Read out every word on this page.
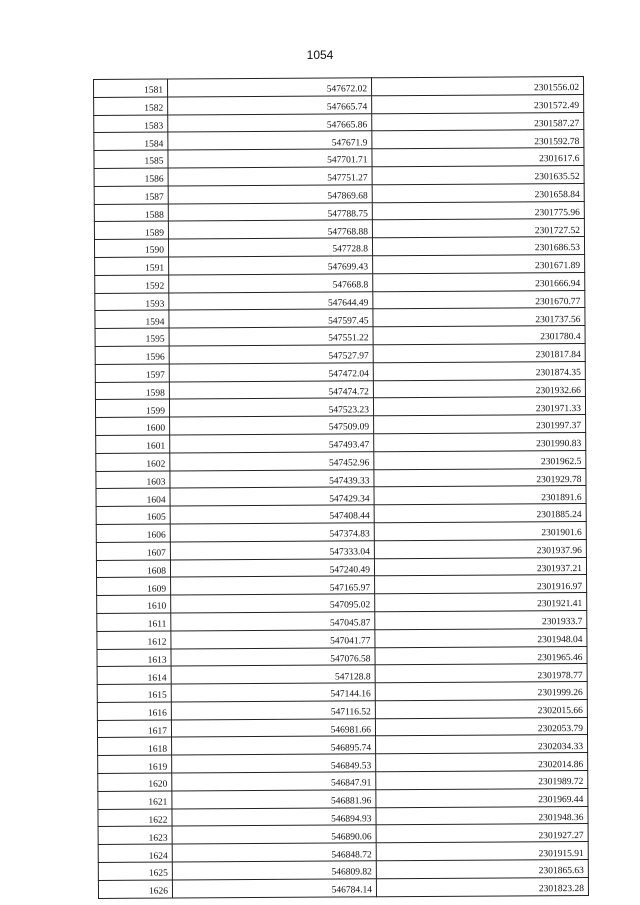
1054
1581	547672.02	2301556.02
1582	547665.74	2301572.49
1583	547665.86	2301587.27
1584	547671.9	2301592.78
1585	547701.71	2301617.6
1586	547751.27	2301635.52
1587	547869.68	2301658.84
1588	547788.75	2301775.96
1589	547768.88	2301727.52
1590	547728.8	2301686.53
1591	547699.43	2301671.89
1592	547668.8	2301666.94
1593	547644.49	2301670.77
1594	547597.45	2301737.56
1595	547551.22	2301780.4
1596	547527.97	2301817.84
1597	547472.04	2301874.35
1598	547474.72	2301932.66
1599	547523.23	2301971.33
1600	547509.09	2301997.37
1601	547493.47	2301990.83
1602	547452.96	2301962.5
1603	547439.33	2301929.78
1604	547429.34	2301891.6
1605	547408.44	2301885.24
1606	547374.83	2301901.6
1607	547333.04	2301937.96
1608	547240.49	2301937.21
1609	547165.97	2301916.97
1610	547095.02	2301921.41
1611	547045.87	2301933.7
1612	547041.77	2301948.04
1613	547076.58	2301965.46
1614	547128.8	2301978.77
1615	547144.16	2301999.26
1616	547116.52	2302015.66
1617	546981.66	2302053.79
1618	546895.74	2302034.33
1619	546849.53	2302014.86
1620	546847.91	2301989.72
1621	546881.96	2301969.44
1622	546894.93	2301948.36
1623	546890.06	2301927.27
1624	546848.72	2301915.91
1625	546809.82	2301865.63
1626	546784.14	2301823.28
